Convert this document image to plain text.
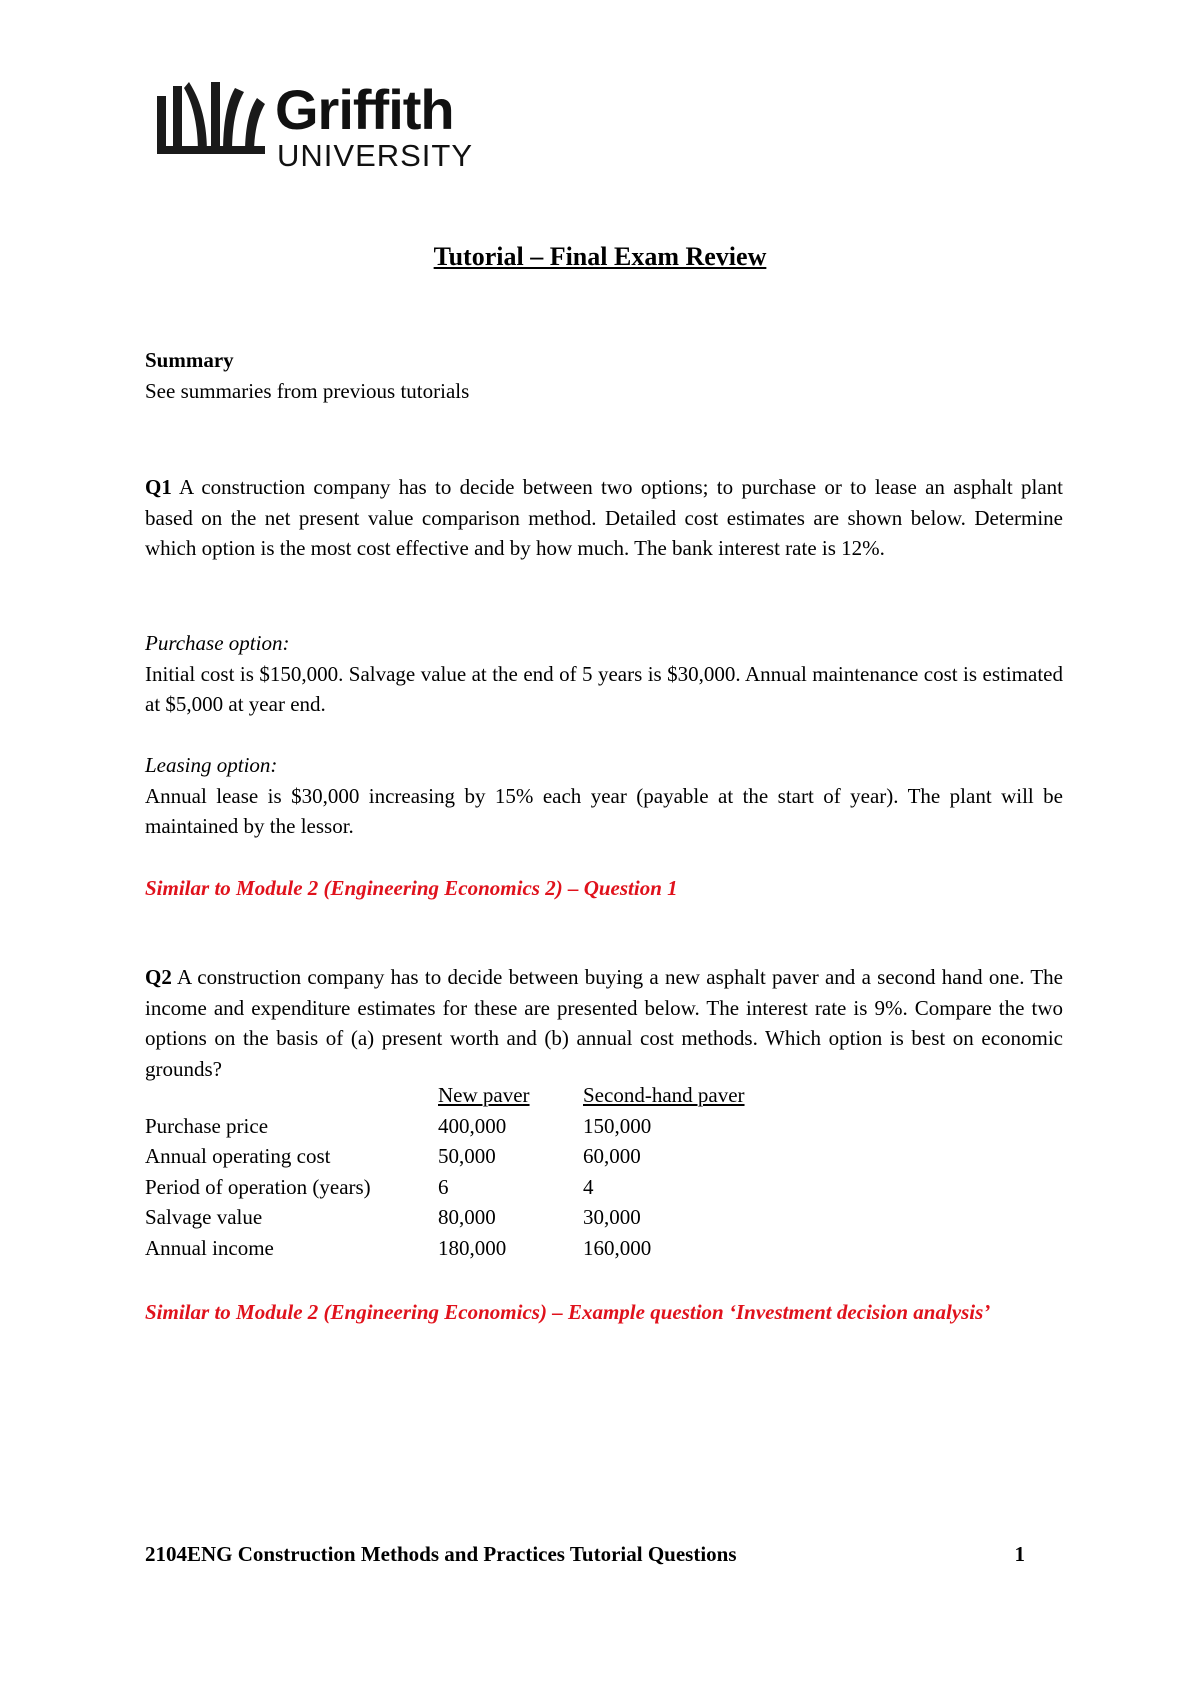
Griffith
UNIVERSITY
Tutorial – Final Exam Review
Summary
See summaries from previous tutorials
Q1 A construction company has to decide between two options; to purchase or to lease an asphalt plant based on the net present value comparison method. Detailed cost estimates are shown below. Determine which option is the most cost effective and by how much. The bank interest rate is 12%.
Purchase option:
Initial cost is $150,000. Salvage value at the end of 5 years is $30,000. Annual maintenance cost is estimated at $5,000 at year end.
Leasing option:
Annual lease is $30,000 increasing by 15% each year (payable at the start of year). The plant will be maintained by the lessor.
Similar to Module 2 (Engineering Economics 2) – Question 1
Q2 A construction company has to decide between buying a new asphalt paver and a second hand one. The income and expenditure estimates for these are presented below. The interest rate is 9%. Compare the two options on the basis of (a) present worth and (b) annual cost methods. Which option is best on economic grounds?
	New paver	Second-hand paver
Purchase price	400,000	150,000
Annual operating cost	50,000	60,000
Period of operation (years)	6	4
Salvage value	80,000	30,000
Annual income	180,000	160,000
Similar to Module 2 (Engineering Economics) – Example question ‘Investment decision analysis’
2104ENG Construction Methods and Practices Tutorial Questions	1
